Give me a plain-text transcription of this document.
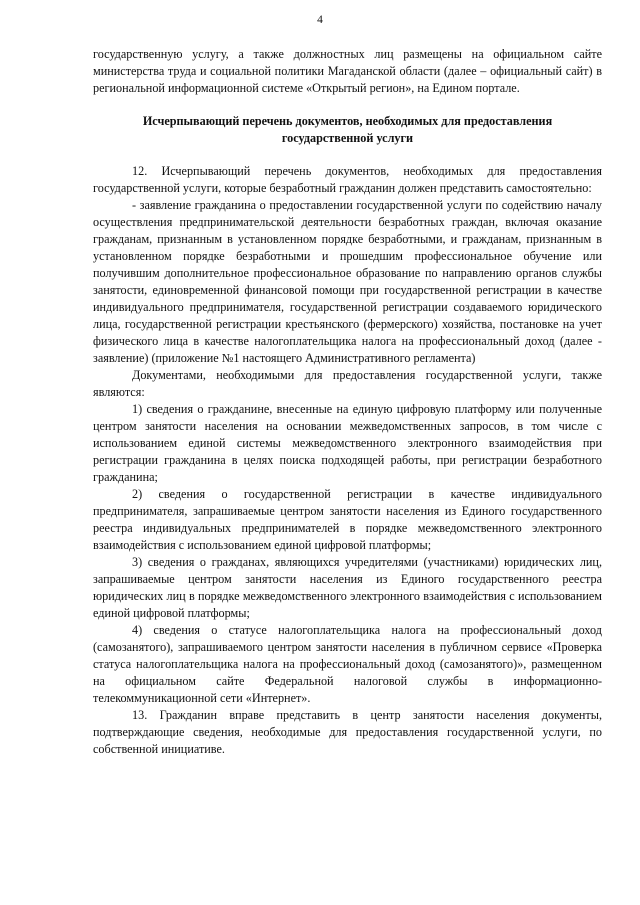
4

государственную услугу, а также должностных лиц размещены на официальном сайте министерства труда и социальной политики Магаданской области (далее – официальный сайт) в региональной информационной системе «Открытый регион», на Едином портале.

Исчерпывающий перечень документов, необходимых для предоставления государственной услуги

12. Исчерпывающий перечень документов, необходимых для предоставления государственной услуги, которые безработный гражданин должен представить самостоятельно:

- заявление гражданина о предоставлении государственной услуги по содействию началу осуществления предпринимательской деятельности безработных граждан, включая оказание гражданам, признанным в установленном порядке безработными, и гражданам, признанным в установленном порядке безработными и прошедшим профессиональное обучение или получившим дополнительное профессиональное образование по направлению органов службы занятости, единовременной финансовой помощи при государственной регистрации в качестве индивидуального предпринимателя, государственной регистрации создаваемого юридического лица, государственной регистрации крестьянского (фермерского) хозяйства, постановке на учет физического лица в качестве налогоплательщика налога на профессиональный доход (далее - заявление) (приложение №1 настоящего Административного регламента)

Документами, необходимыми для предоставления государственной услуги, также являются:

1) сведения о гражданине, внесенные на единую цифровую платформу или полученные центром занятости населения на основании межведомственных запросов, в том числе с использованием единой системы межведомственного электронного взаимодействия при регистрации гражданина в целях поиска подходящей работы, при регистрации безработного гражданина;

2) сведения о государственной регистрации в качестве индивидуального предпринимателя, запрашиваемые центром занятости населения из Единого государственного реестра индивидуальных предпринимателей в порядке межведомственного электронного взаимодействия с использованием единой цифровой платформы;

3) сведения о гражданах, являющихся учредителями (участниками) юридических лиц, запрашиваемые центром занятости населения из Единого государственного реестра юридических лиц в порядке межведомственного электронного взаимодействия с использованием единой цифровой платформы;

4) сведения о статусе налогоплательщика налога на профессиональный доход (самозанятого), запрашиваемого центром занятости населения в публичном сервисе «Проверка статуса налогоплательщика налога на профессиональный доход (самозанятого)», размещенном на официальном сайте Федеральной налоговой службы в информационно-телекоммуникационной сети «Интернет».

13. Гражданин вправе представить в центр занятости населения документы, подтверждающие сведения, необходимые для предоставления государственной услуги, по собственной инициативе.
